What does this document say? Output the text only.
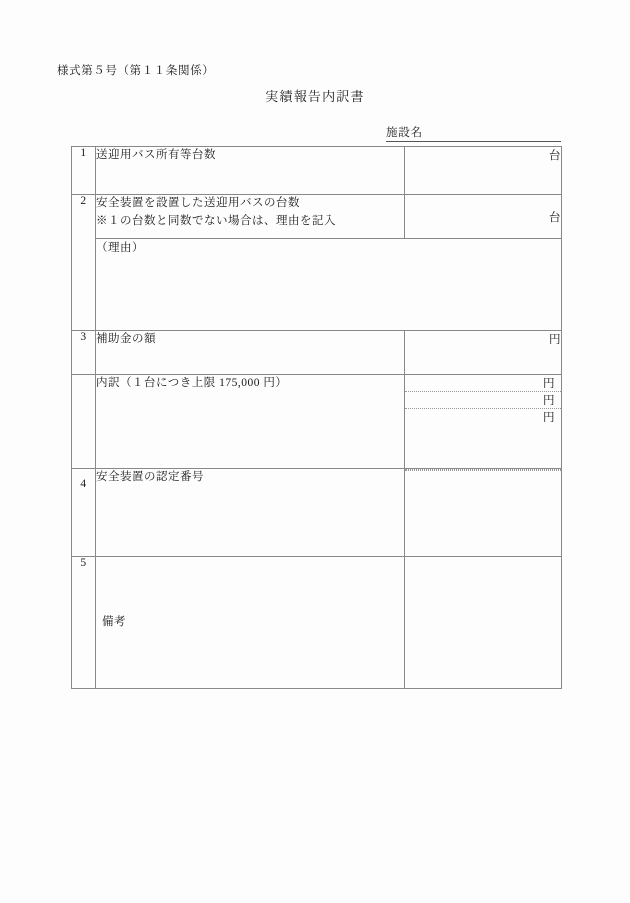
様式第５号（第１１条関係）
実績報告内訳書
施設名
1	送迎用バス所有等台数	台
2	安全装置を設置した送迎用バスの台数
※１の台数と同数でない場合は、理由を記入	台
	（理由）	
3	補助金の額	円
	内訳（１台につき上限 175,000 円）	円
円
円

4	安全装置の認定番号	

5	備考	
